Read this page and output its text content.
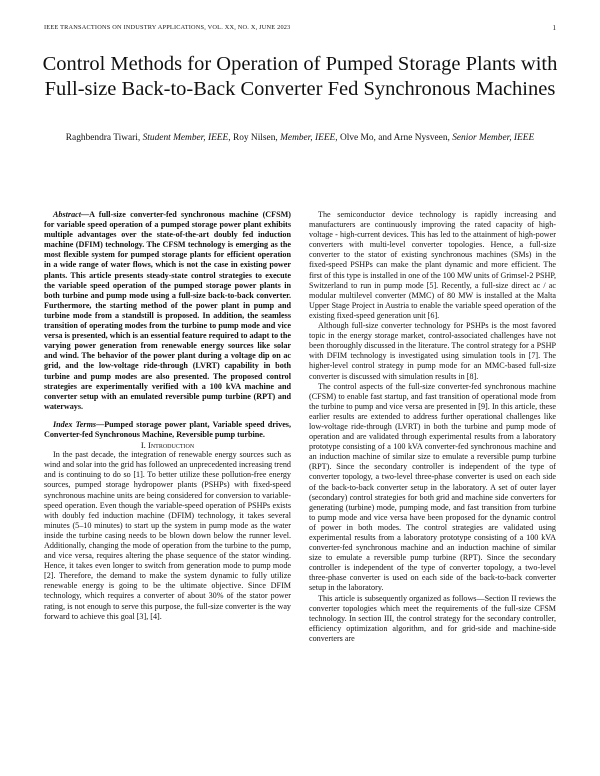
IEEE TRANSACTIONS ON INDUSTRY APPLICATIONS, VOL. XX, NO. X, JUNE 2023	1
Control Methods for Operation of Pumped Storage Plants with Full-size Back-to-Back Converter Fed Synchronous Machines
Raghbendra Tiwari, Student Member, IEEE, Roy Nilsen, Member, IEEE, Olve Mo, and Arne Nysveen, Senior Member, IEEE

Abstract—A full-size converter-fed synchronous machine (CFSM) for variable speed operation of a pumped storage power plant exhibits multiple advantages over the state-of-the-art doubly fed induction machine (DFIM) technology. The CFSM technology is emerging as the most flexible system for pumped storage plants for efficient operation in a wide range of water flows, which is not the case in existing power plants. This article presents steady-state control strategies to execute the variable speed operation of the pumped storage power plants in both turbine and pump mode using a full-size back-to-back converter. Furthermore, the starting method of the power plant in pump and turbine mode from a standstill is proposed. In addition, the seamless transition of operating modes from the turbine to pump mode and vice versa is presented, which is an essential feature required to adapt to the varying power generation from renewable energy sources like solar and wind. The behavior of the power plant during a voltage dip on ac grid, and the low-voltage ride-through (LVRT) capability in both turbine and pump modes are also presented. The proposed control strategies are experimentally verified with a 100 kVA machine and converter setup with an emulated reversible pump turbine (RPT) and waterways.

Index Terms—Pumped storage power plant, Variable speed drives, Converter-fed Synchronous Machine, Reversible pump turbine.

I. Introduction

In the past decade, the integration of renewable energy sources such as wind and solar into the grid has followed an unprecedented increasing trend and is continuing to do so [1]. To better utilize these pollution-free energy sources, pumped storage hydropower plants (PSHPs) with fixed-speed synchronous machine units are being considered for conversion to variable-speed operation. Even though the variable-speed operation of PSHPs exists with doubly fed induction machine (DFIM) technology, it takes several minutes (5–10 minutes) to start up the system in pump mode as the water inside the turbine casing needs to be blown down below the runner level. Additionally, changing the mode of operation from the turbine to the pump, and vice versa, requires altering the phase sequence of the stator winding. Hence, it takes even longer to switch from generation mode to pump mode [2]. Therefore, the demand to make the system dynamic to fully utilize renewable energy is going to be the ultimate objective. Since DFIM technology, which requires a converter of about 30% of the stator power rating, is not enough to serve this purpose, the full-size converter is the way forward to achieve this goal [3], [4].

The semiconductor device technology is rapidly increasing and manufacturers are continuously improving the rated capacity of high-voltage - high-current devices. This has led to the attainment of high-power converters with multi-level converter topologies. Hence, a full-size converter to the stator of existing synchronous machines (SMs) in the fixed-speed PSHPs can make the plant dynamic and more efficient. The first of this type is installed in one of the 100 MW units of Grimsel-2 PSHP, Switzerland to run in pump mode [5]. Recently, a full-size direct ac / ac modular multilevel converter (MMC) of 80 MW is installed at the Malta Upper Stage Project in Austria to enable the variable speed operation of the existing fixed-speed generation unit [6].

Although full-size converter technology for PSHPs is the most favored topic in the energy storage market, control-associated challenges have not been thoroughly discussed in the literature. The control strategy for a PSHP with DFIM technology is investigated using simulation tools in [7]. The higher-level control strategy in pump mode for an MMC-based full-size converter is discussed with simulation results in [8].

The control aspects of the full-size converter-fed synchronous machine (CFSM) to enable fast startup, and fast transition of operational mode from the turbine to pump and vice versa are presented in [9]. In this article, these earlier results are extended to address further operational challenges like low-voltage ride-through (LVRT) in both the turbine and pump mode of operation and are validated through experimental results from a laboratory prototype consisting of a 100 kVA converter-fed synchronous machine and an induction machine of similar size to emulate a reversible pump turbine (RPT). Since the secondary controller is independent of the type of converter topology, a two-level three-phase converter is used on each side of the back-to-back converter setup in the laboratory. A set of outer layer (secondary) control strategies for both grid and machine side converters for generating (turbine) mode, pumping mode, and fast transition from turbine to pump mode and vice versa have been proposed for the dynamic control of power in both modes. The control strategies are validated using experimental results from a laboratory prototype consisting of a 100 kVA converter-fed synchronous machine and an induction machine of similar size to emulate a reversible pump turbine (RPT). Since the secondary controller is independent of the type of converter topology, a two-level three-phase converter is used on each side of the back-to-back converter setup in the laboratory.

This article is subsequently organized as follows—Section II reviews the converter topologies which meet the requirements of the full-size CFSM technology. In section III, the control strategy for the secondary controller, efficiency optimization algorithm, and for grid-side and machine-side converters are
